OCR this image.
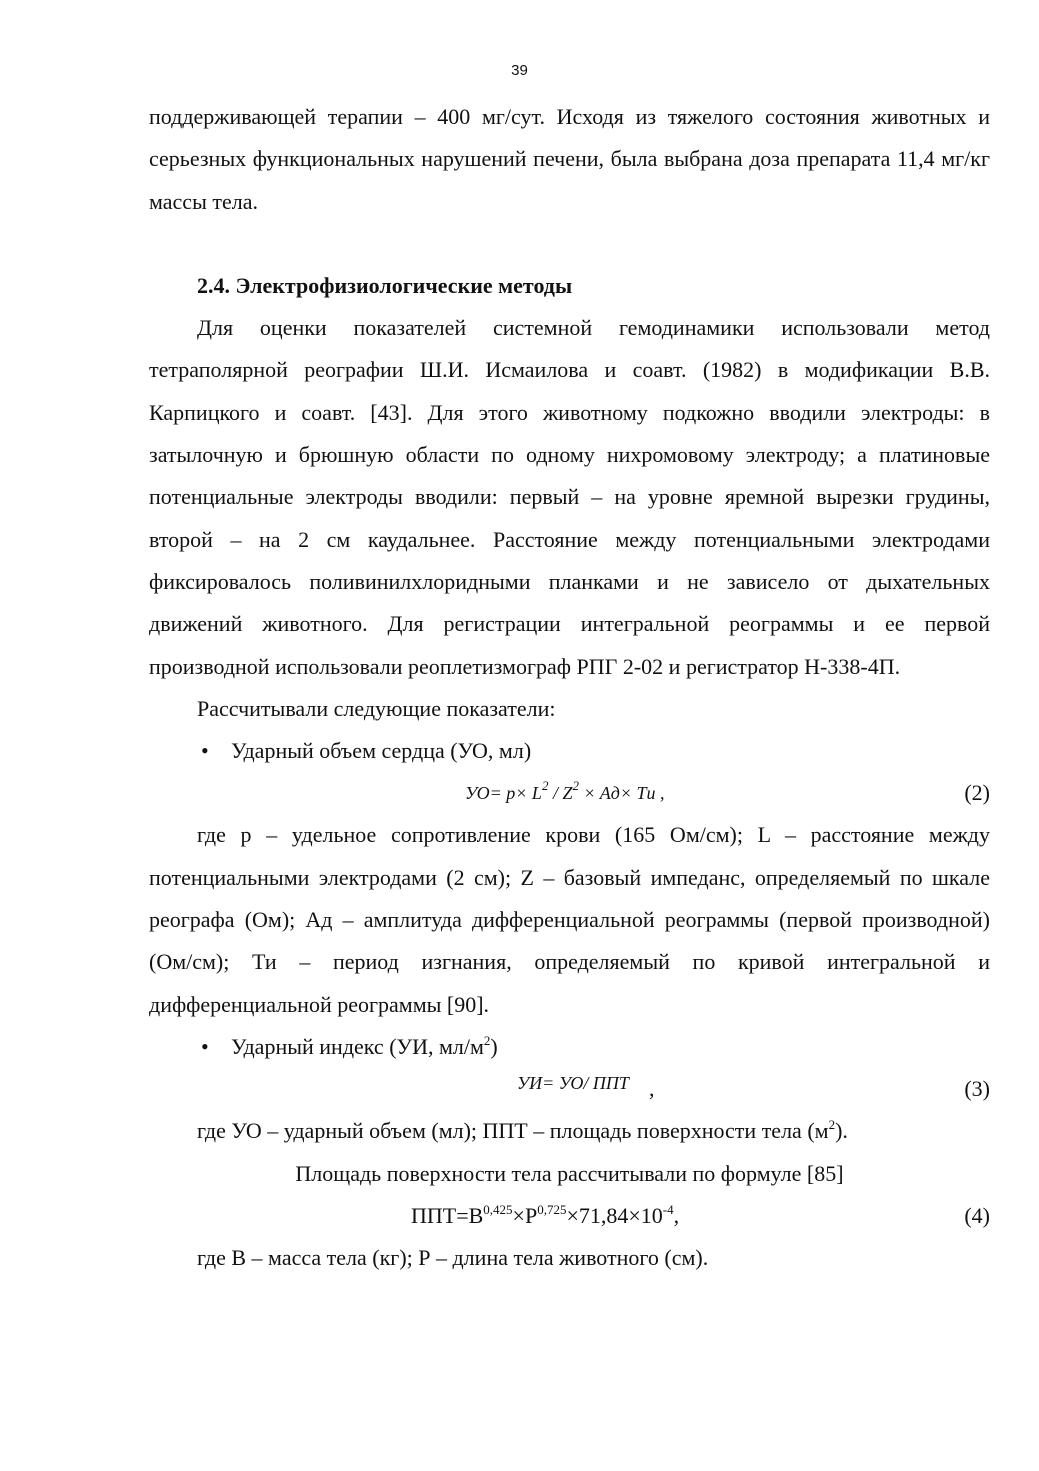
39

поддерживающей терапии – 400 мг/сут. Исходя из тяжелого состояния животных и серьезных функциональных нарушений печени, была выбрана доза препарата 11,4 мг/кг массы тела.

2.4. Электрофизиологические методы

Для оценки показателей системной гемодинамики использовали метод тетраполярной реографии Ш.И. Исмаилова и соавт. (1982) в модификации В.В. Карпицкого и соавт. [43]. Для этого животному подкожно вводили электроды: в затылочную и брюшную области по одному нихромовому электроду; а платиновые потенциальные электроды вводили: первый – на уровне яремной вырезки грудины, второй – на 2 см каудальнее. Расстояние между потенциальными электродами фиксировалось поливинилхлоридными планками и не зависело от дыхательных движений животного. Для регистрации интегральной реограммы и ее первой производной использовали реоплетизмограф РПГ 2-02 и регистратор Н-338-4П.

Рассчитывали следующие показатели:

• Ударный объем сердца (УО, мл)
$УО= p\times L^2 / Z^2 \times Aд\times$ Tи ,	(2)

где р – удельное сопротивление крови (165 Ом/см); L – расстояние между потенциальными электродами (2 см); Z – базовый импеданс, определяемый по шкале реографа (Ом); Ад – амплитуда дифференциальной реограммы (первой производной) (Ом/см); Ти – период изгнания, определяемый по кривой интегральной и дифференциальной реограммы [90].

• Ударный индекс (УИ, $мл/м^2$)
УИ= УО/ ППТ ,	(3)

где УО – ударный объем (мл); ППТ – площадь поверхности тела $(м^2)$.

Площадь поверхности тела рассчитывали по формуле [85]

$ППТ=В^{0,425}\times Р^{0,725}\times 71,84\times 10^{-4}$,	(4)

где В – масса тела (кг); Р – длина тела животного (см).
